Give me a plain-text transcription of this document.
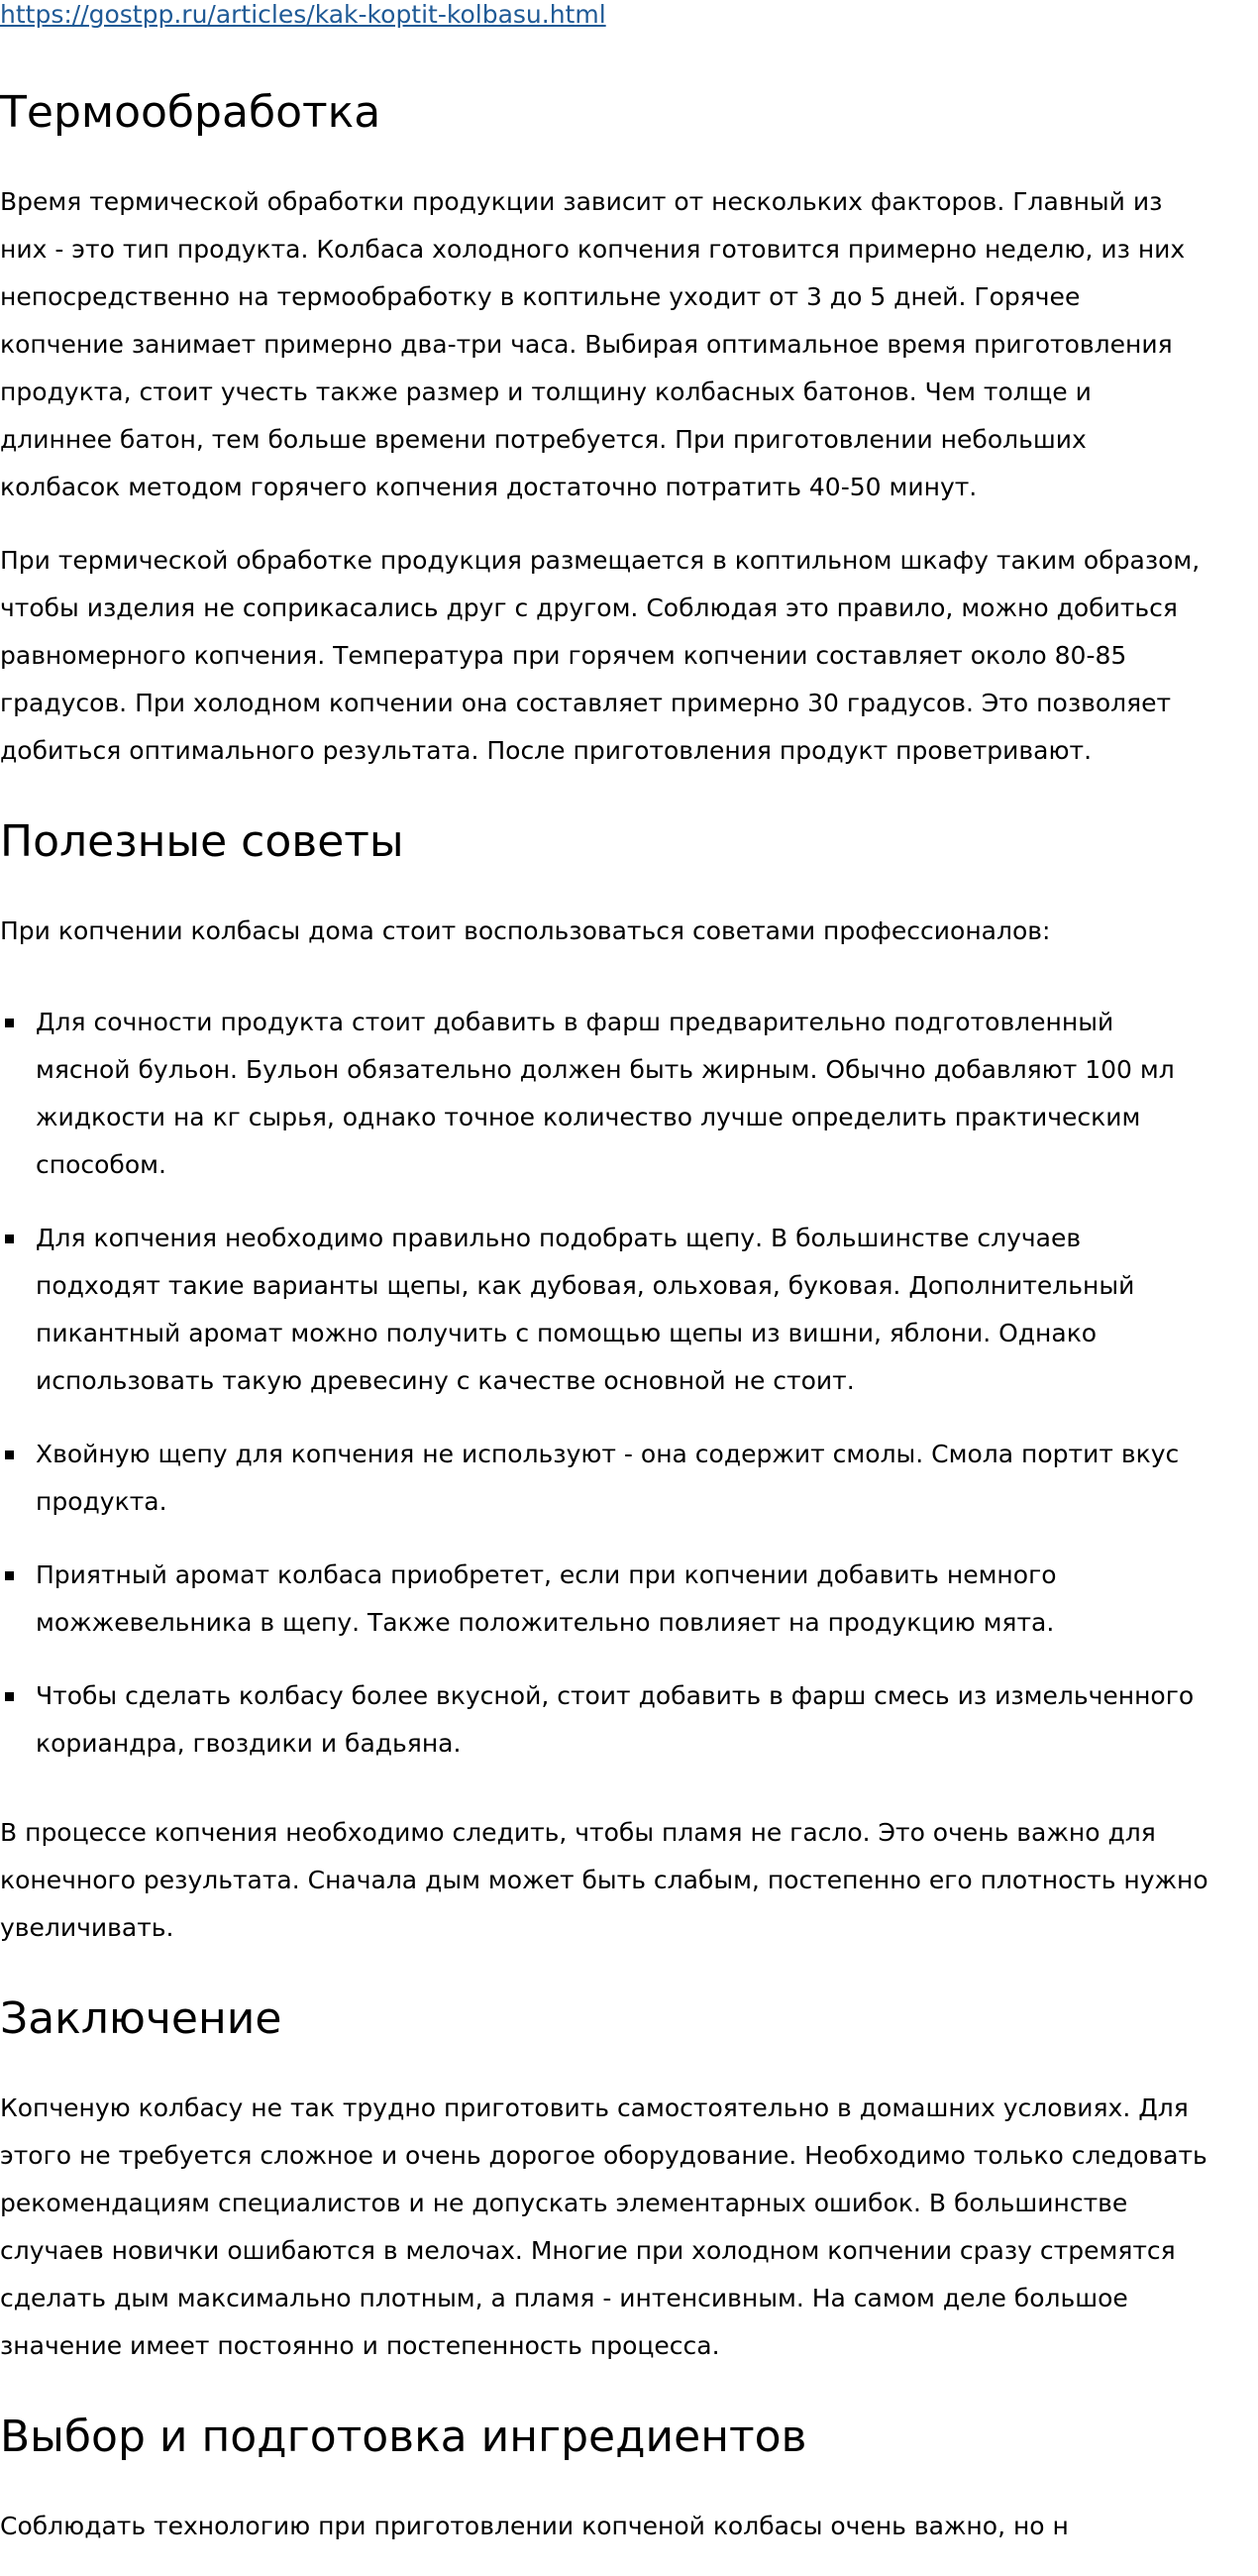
https://gostpp.ru/articles/kak-koptit-kolbasu.html
Термообработка

Время термической обработки продукции зависит от нескольких факторов. Главный из
них - это тип продукта. Колбаса холодного копчения готовится примерно неделю, из них
непосредственно на термообработку в коптильне уходит от 3 до 5 дней. Горячее
копчение занимает примерно два-три часа. Выбирая оптимальное время приготовления
продукта, стоит учесть также размер и толщину колбасных батонов. Чем толще и
длиннее батон, тем больше времени потребуется. При приготовлении небольших
колбасок методом горячего копчения достаточно потратить 40-50 минут.

При термической обработке продукция размещается в коптильном шкафу таким образом,
чтобы изделия не соприкасались друг с другом. Соблюдая это правило, можно добиться
равномерного копчения. Температура при горячем копчении составляет около 80-85
градусов. При холодном копчении она составляет примерно 30 градусов. Это позволяет
добиться оптимального результата. После приготовления продукт проветривают.

Полезные советы

При копчении колбасы дома стоит воспользоваться советами профессионалов:

Для сочности продукта стоит добавить в фарш предварительно подготовленный
мясной бульон. Бульон обязательно должен быть жирным. Обычно добавляют 100 мл
жидкости на кг сырья, однако точное количество лучше определить практическим
способом.
Для копчения необходимо правильно подобрать щепу. В большинстве случаев
подходят такие варианты щепы, как дубовая, ольховая, буковая. Дополнительный
пикантный аромат можно получить с помощью щепы из вишни, яблони. Однако
использовать такую древесину с качестве основной не стоит.
Хвойную щепу для копчения не используют - она содержит смолы. Смола портит вкус
продукта.
Приятный аромат колбаса приобретет, если при копчении добавить немного
можжевельника в щепу. Также положительно повлияет на продукцию мята.
Чтобы сделать колбасу более вкусной, стоит добавить в фарш смесь из измельченного
кориандра, гвоздики и бадьяна.

В процессе копчения необходимо следить, чтобы пламя не гасло. Это очень важно для
конечного результата. Сначала дым может быть слабым, постепенно его плотность нужно
увеличивать.

Заключение

Копченую колбасу не так трудно приготовить самостоятельно в домашних условиях. Для
этого не требуется сложное и очень дорогое оборудование. Необходимо только следовать
рекомендациям специалистов и не допускать элементарных ошибок. В большинстве
случаев новички ошибаются в мелочах. Многие при холодном копчении сразу стремятся
сделать дым максимально плотным, а пламя - интенсивным. На самом деле большое
значение имеет постоянно и постепенность процесса.

Выбор и подготовка ингредиентов

Соблюдать технологию при приготовлении копченой колбасы очень важно, но н
